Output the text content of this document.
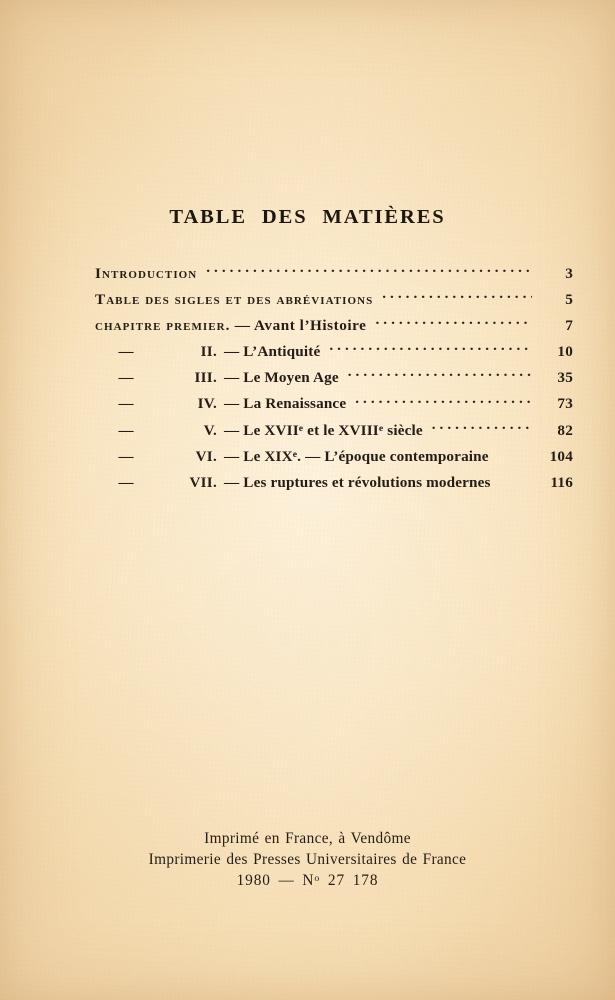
TABLE DES MATIÈRES
Introduction .....	3
Table des sigles et des abréviations .....	5
chapitre premier. — Avant l’Histoire .....	7
—	II. — L’Antiquité .....	10
—	III. — Le Moyen Age .....	35
—	IV. — La Renaissance .....	73
—	V. — Le XVIIe et le XVIIIe siècle .....	82
—	VI. — Le XIXe. — L’époque contemporaine	104
—	VII. — Les ruptures et révolutions modernes	116
Imprimé en France, à Vendôme
Imprimerie des Presses Universitaires de France
1980 — $N^o$ 27 178
